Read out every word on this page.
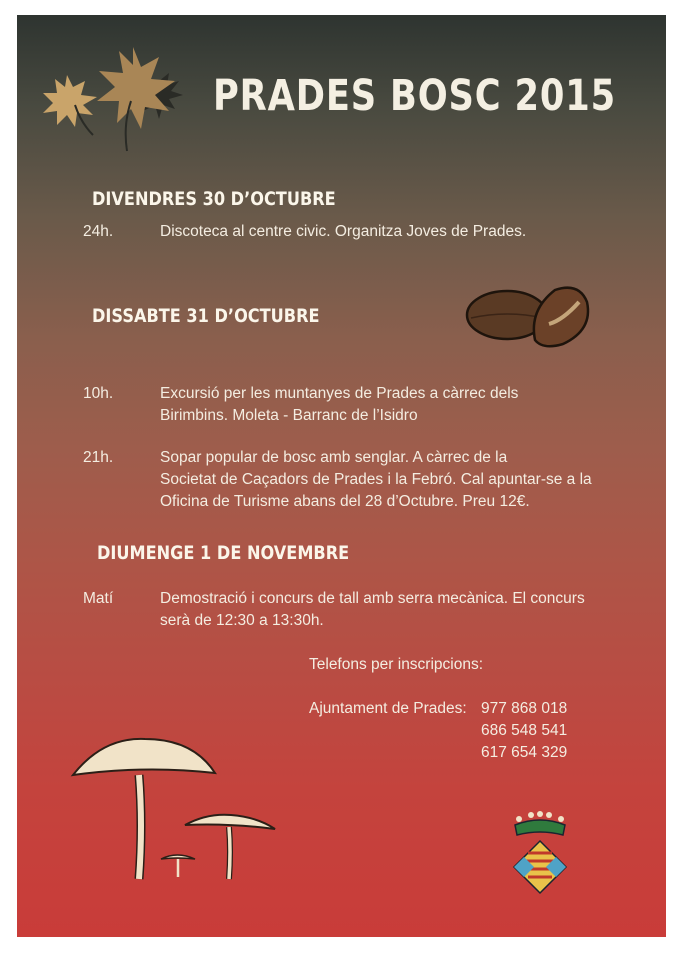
PRADES BOSC 2015
DIVENDRES 30 D’OCTUBRE
24h.	Discoteca al centre civic. Organitza Joves de Prades.
DISSABTE 31 D’OCTUBRE
10h.	Excursió per les muntanyes de Prades a càrrec dels
Birimbins. Moleta - Barranc de l’Isidro
21h.	Sopar popular de bosc amb senglar. A càrrec de la
Societat de Caçadors de Prades i la Febró. Cal apuntar-se a la
Oficina de Turisme abans del 28 d’Octubre. Preu 12€.
DIUMENGE 1 DE NOVEMBRE
Matí	Demostració i concurs de tall amb serra mecànica. El concurs
serà de 12:30 a 13:30h.
Telefons per inscripcions:
Ajuntament de Prades: 977 868 018
686 548 541
617 654 329
